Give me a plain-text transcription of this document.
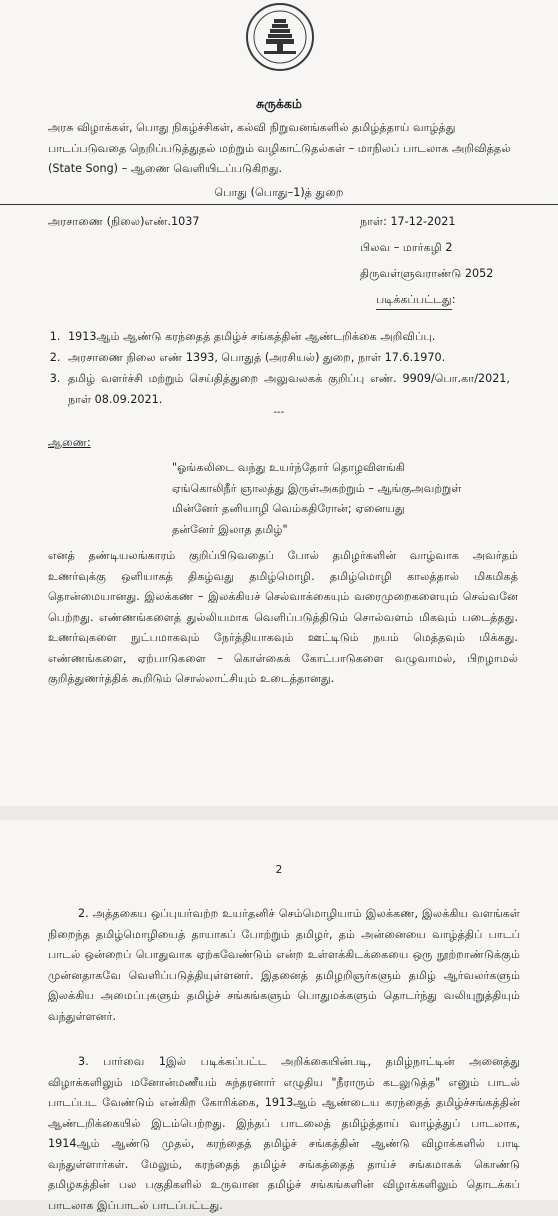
சுருக்கம்
அரசு விழாக்கள், பொது நிகழ்ச்சிகள், கல்வி நிறுவனங்களில் தமிழ்த்தாய் வாழ்த்து பாடப்படுவதை நெறிப்படுத்துதல் மற்றும் வழிகாட்டுதல்கள் – மாநிலப் பாடலாக அறிவித்தல் (State Song) – ஆணை வெளியிடப்படுகிறது.
பொது (பொது–1)த் துறை
அரசாணை (நிலை)எண்.1037	நாள்: 17-12-2021
பிலவ – மார்கழி 2
திருவள்ளுவராண்டு 2052
படிக்கப்பட்டது:
1. 1913ஆம் ஆண்டு கரந்தைத் தமிழ்ச் சங்கத்தின் ஆண்டறிக்கை அறிவிப்பு.
2. அரசாணை நிலை எண் 1393, பொதுத் (அரசியல்) துறை, நாள் 17.6.1970.
3. தமிழ் வளர்ச்சி மற்றும் செய்தித்துறை அலுவலகக் குறிப்பு எண். 9909/பொ.கா/2021, நாள் 08.09.2021.
---
ஆணை:
"ஓங்கலிடை வந்து உயர்ந்தோர் தொழவிளங்கி
ஏங்கொலிநீர் ஞாலத்து இருள்அகற்றும் – ஆங்குஅவற்றுள்
மின்னேர் தனியாழி வெம்கதிரோன்; ஏனையது
தன்னேர் இலாத தமிழ்"
எனத் தண்டியலங்காரம் குறிப்பிடுவதைப் போல் தமிழர்களின் வாழ்வாக அவர்தம் உணர்வுக்கு ஒளியாகத் திகழ்வது தமிழ்மொழி. தமிழ்மொழி காலத்தால் மிகமிகத் தொன்மையானது. இலக்கண – இலக்கியச் செல்வாக்கையும் வரைமுறைகளையும் செவ்வனே பெற்றது. எண்ணங்களைத் துல்லியமாக வெளிப்படுத்திடும் சொல்வளம் மிகவும் படைத்தது. உணர்வுகளை நுட்பமாகவும் நேர்த்தியாகவும் ஊட்டிடும் நயம் மெத்தவும் மிக்கது. எண்ணங்களை, ஏற்பாடுகளை – கொள்கைக் கோட்பாடுகளை வழுவாமல், பிறழாமல் குறித்துணர்த்திக் கூறிடும் சொல்லாட்சியும் உடைத்தானது.
2
2. அத்தகைய ஒப்புயர்வற்ற உயர்தனிச் செம்மொழியாம் இலக்கண, இலக்கிய வளங்கள் நிறைந்த தமிழ்மொழியைத் தாயாகப் போற்றும் தமிழர், தம் அன்னையை வாழ்த்திப் பாடப் பாடல் ஒன்றைப் பொதுவாக ஏற்கவேண்டும் என்ற உள்ளக்கிடக்கையை ஒரு நூற்றாண்டுக்கும் முன்னதாகவே வெளிப்படுத்தியுள்ளனர். இதனைத் தமிழறிஞர்களும் தமிழ் ஆர்வலர்களும் இலக்கிய அமைப்புகளும் தமிழ்ச் சங்கங்களும் பொதுமக்களும் தொடர்ந்து வலியுறுத்தியும் வந்துள்ளனர்.
3. பார்வை 1இல் படிக்கப்பட்ட அறிக்கையின்படி, தமிழ்நாட்டின் அனைத்து விழாக்களிலும் மனோன்மணீயம் சுந்தரனார் எழுதிய "நீராரும் கடலுடுத்த" எனும் பாடல் பாடப்பட வேண்டும் என்கிற கோரிக்கை, 1913ஆம் ஆண்டைய கரந்தைத் தமிழ்ச்சங்கத்தின் ஆண்டறிக்கையில் இடம்பெற்றது. இந்தப் பாடலைத் தமிழ்த்தாய் வாழ்த்துப் பாடலாக, 1914ஆம் ஆண்டு முதல், கரந்தைத் தமிழ்ச் சங்கத்தின் ஆண்டு விழாக்களில் பாடி வந்துள்ளார்கள். மேலும், கரந்தைத் தமிழ்ச் சங்கத்தைத் தாய்ச் சங்கமாகக் கொண்டு தமிழகத்தின் பல பகுதிகளில் உருவான தமிழ்ச் சங்கங்களின் விழாக்களிலும் தொடக்கப் பாடலாக இப்பாடல் பாடப்பட்டது.
